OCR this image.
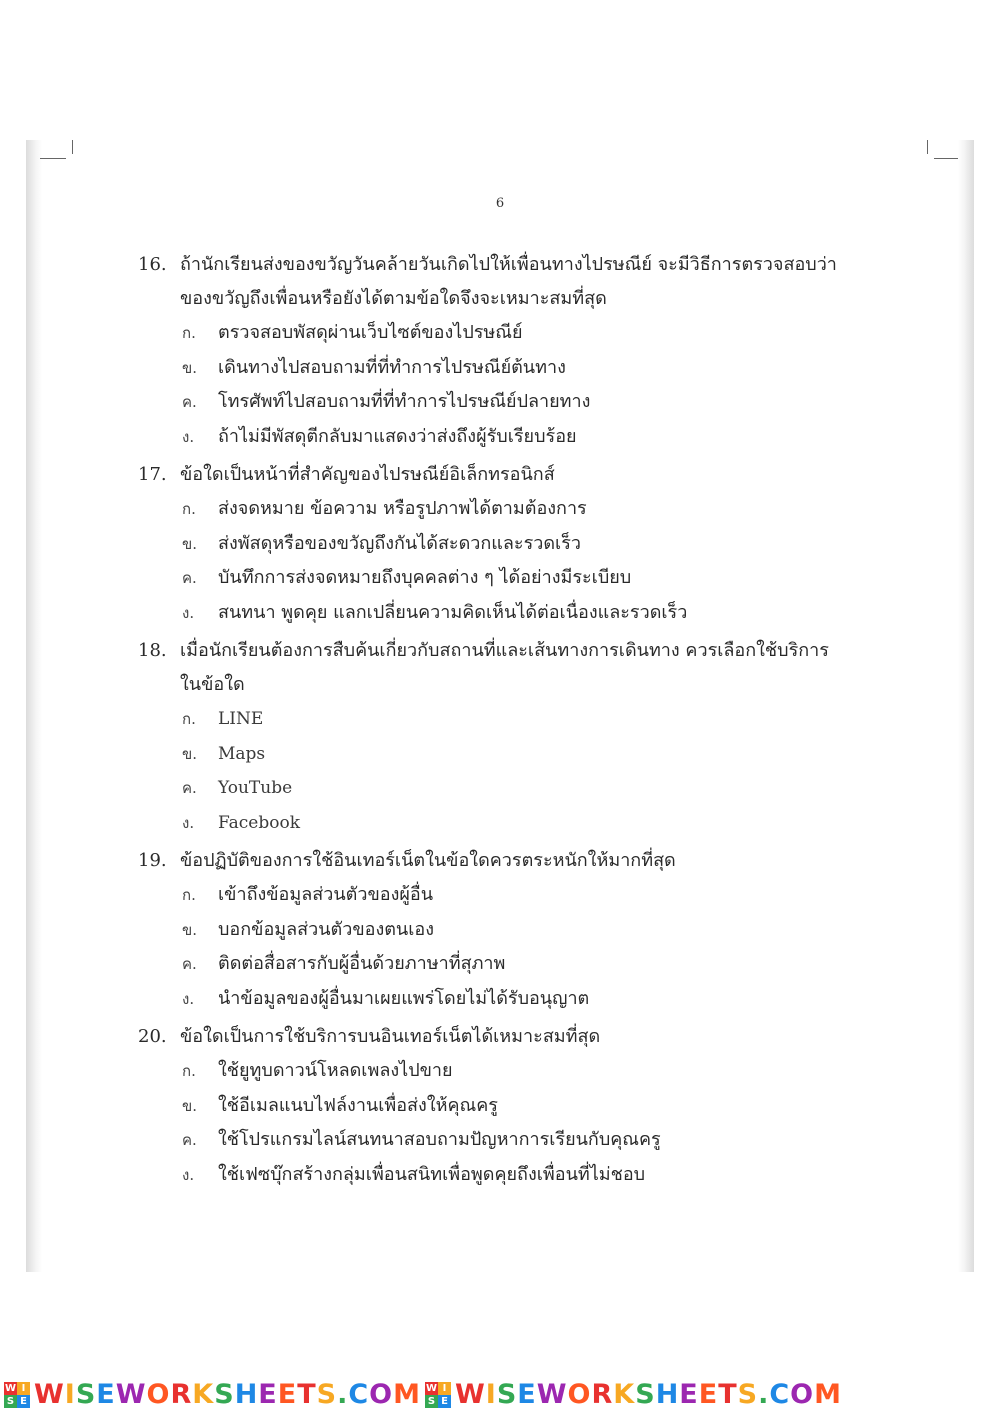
6
16. ถ้านักเรียนส่งของขวัญวันคล้ายวันเกิดไปให้เพื่อนทางไปรษณีย์ จะมีวิธีการตรวจสอบว่า
ของขวัญถึงเพื่อนหรือยังได้ตามข้อใดจึงจะเหมาะสมที่สุด
ก.	ตรวจสอบพัสดุผ่านเว็บไซต์ของไปรษณีย์
ข.	เดินทางไปสอบถามที่ที่ทำการไปรษณีย์ต้นทาง
ค.	โทรศัพท์ไปสอบถามที่ที่ทำการไปรษณีย์ปลายทาง
ง.	ถ้าไม่มีพัสดุตีกลับมาแสดงว่าส่งถึงผู้รับเรียบร้อย
17. ข้อใดเป็นหน้าที่สำคัญของไปรษณีย์อิเล็กทรอนิกส์
ก.	ส่งจดหมาย ข้อความ หรือรูปภาพได้ตามต้องการ
ข.	ส่งพัสดุหรือของขวัญถึงกันได้สะดวกและรวดเร็ว
ค.	บันทึกการส่งจดหมายถึงบุคคลต่าง ๆ ได้อย่างมีระเบียบ
ง.	สนทนา พูดคุย แลกเปลี่ยนความคิดเห็นได้ต่อเนื่องและรวดเร็ว
18. เมื่อนักเรียนต้องการสืบค้นเกี่ยวกับสถานที่และเส้นทางการเดินทาง ควรเลือกใช้บริการ
ในข้อใด
ก.	LINE
ข.	Maps
ค.	YouTube
ง.	Facebook
19. ข้อปฏิบัติของการใช้อินเทอร์เน็ตในข้อใดควรตระหนักให้มากที่สุด
ก.	เข้าถึงข้อมูลส่วนตัวของผู้อื่น
ข.	บอกข้อมูลส่วนตัวของตนเอง
ค.	ติดต่อสื่อสารกับผู้อื่นด้วยภาษาที่สุภาพ
ง.	นำข้อมูลของผู้อื่นมาเผยแพร่โดยไม่ได้รับอนุญาต
20. ข้อใดเป็นการใช้บริการบนอินเทอร์เน็ตได้เหมาะสมที่สุด
ก.	ใช้ยูทูบดาวน์โหลดเพลงไปขาย
ข.	ใช้อีเมลแนบไฟล์งานเพื่อส่งให้คุณครู
ค.	ใช้โปรแกรมไลน์สนทนาสอบถามปัญหาการเรียนกับคุณครู
ง.	ใช้เฟซบุ๊กสร้างกลุ่มเพื่อนสนิทเพื่อพูดคุยถึงเพื่อนที่ไม่ชอบ
W I
S E WISEWORKSHEETS.COM W I
S E WISEWORKSHEETS.COM
